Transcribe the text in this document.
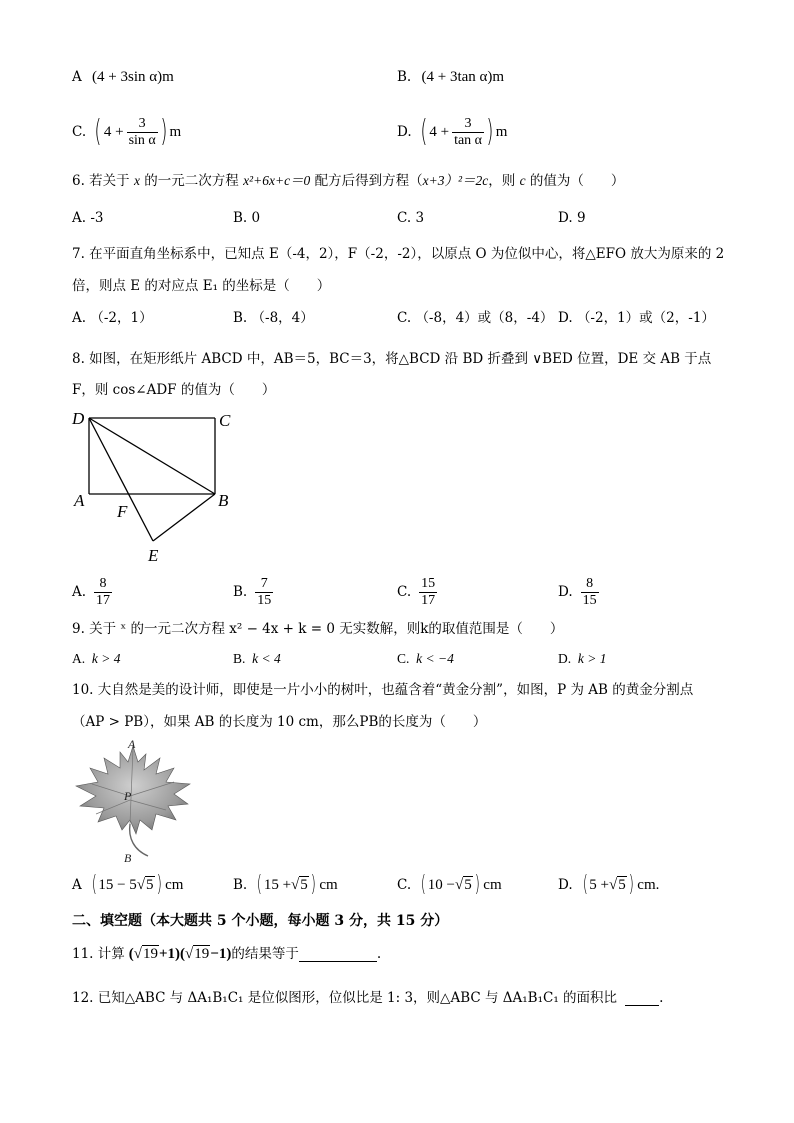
A (4 + 3sin α)m	B. (4 + 3tan α)m
C. ( $4 + \frac{3}{\text{sin α}}$ ) m	D. ( $4 + \frac{3}{\text{tan α}}$ ) m
6. 若关于 x 的一元二次方程 x²+6x+c＝0 配方后得到方程（x+3）²＝2c，则 c 的值为（　　）
A. -3	B. 0	C. 3	D. 9
7. 在平面直角坐标系中，已知点 E（-4，2），F（-2，-2），以原点 O 为位似中心，将△EFO 放大为原来的 2
倍，则点 E 的对应点 E₁ 的坐标是（　　）
A. （-2，1）	B. （-8，4）	C. （-8，4）或（8，-4） D. （-2，1）或（2，-1）
8. 如图，在矩形纸片 ABCD 中，AB＝5，BC＝3，将△BCD 沿 BD 折叠到 ∨BED 位置，DE 交 AB 于点
F，则 cos∠ADF 的值为（　　）
D	C
A	B
F
E
A. $\frac{8}{17}$	B. $\frac{7}{15}$	C. $\frac{15}{17}$	D. $\frac{8}{15}$
9. 关于 ˣ 的一元二次方程 x² − 4x + k = 0 无实数解，则k的取值范围是（　　）
A. k > 4	B. k < 4	C. k < −4	D. k > 1
10. 大自然是美的设计师，即使是一片小小的树叶，也蕴含着“黄金分割”，如图，P 为 AB 的黄金分割点
（AP > PB），如果 AB 的长度为 10 cm，那么PB的长度为（　　）
A
P
B
A ( 15 − 5 √ 5 ) cm	B. ( 15 + √ 5 ) cm	C. ( 10 − √ 5 ) cm	D. ( 5 + √ 5 ) cm.
二、填空题（本大题共 5 个小题，每小题 3 分，共 15 分）
11. 计算 (√ 19 +1)( √ 19 −1) 的结果等于	.
12. 已知△ABC 与 ΔA₁B₁C₁ 是位似图形，位似比是 1: 3，则△ABC 与 ΔA₁B₁C₁ 的面积比	.
